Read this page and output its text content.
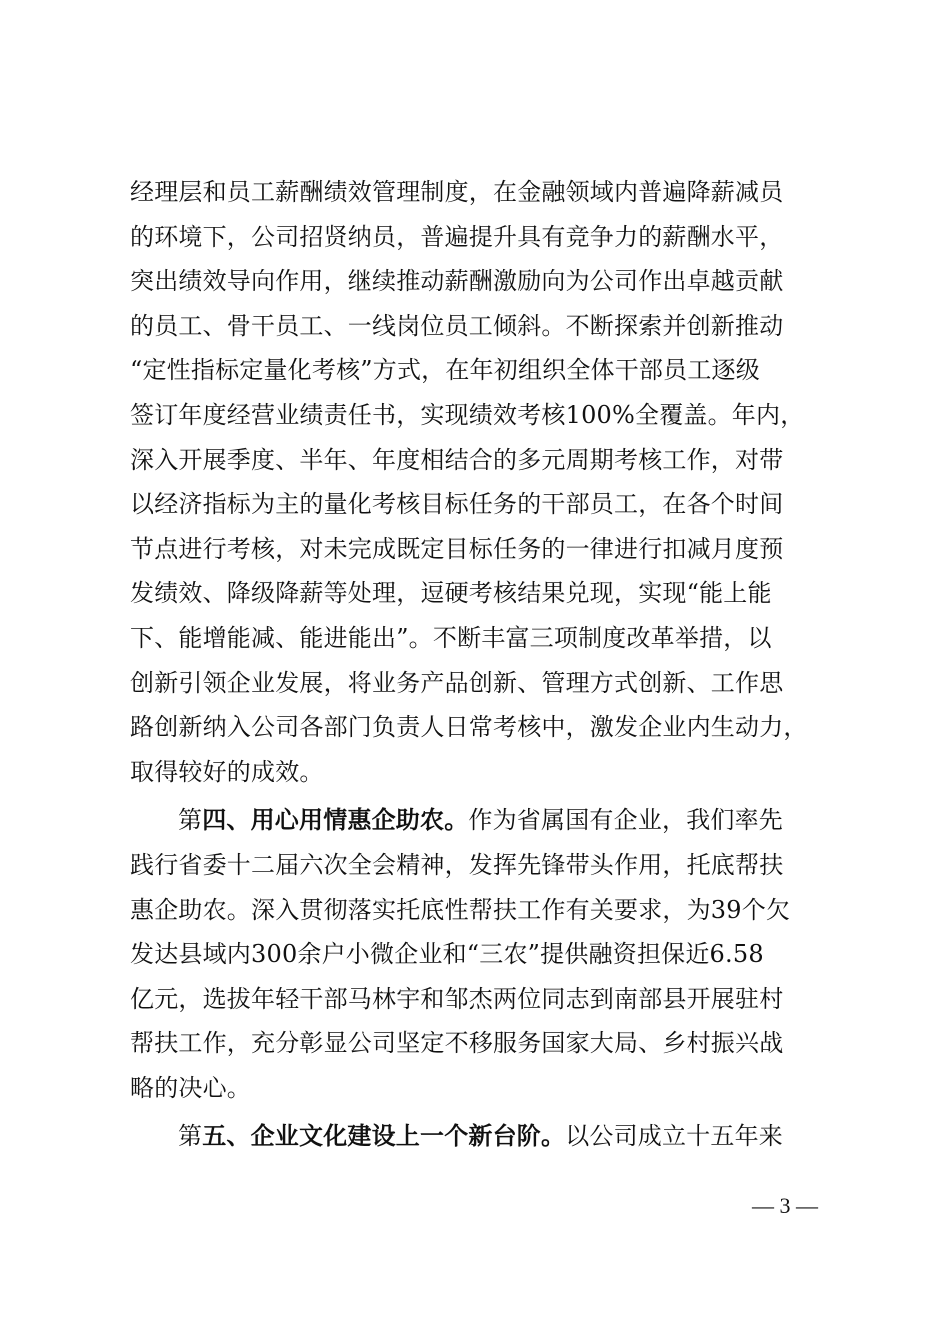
经理层和员工薪酬绩效管理制度，在金融领域内普遍降薪减员
的环境下，公司招贤纳员，普遍提升具有竞争力的薪酬水平，
突出绩效导向作用，继续推动薪酬激励向为公司作出卓越贡献
的员工、骨干员工、一线岗位员工倾斜。不断探索并创新推动
“定性指标定量化考核”方式，在年初组织全体干部员工逐级
签订年度经营业绩责任书，实现绩效考核100%全覆盖。年内，
深入开展季度、半年、年度相结合的多元周期考核工作，对带
以经济指标为主的量化考核目标任务的干部员工，在各个时间
节点进行考核，对未完成既定目标任务的一律进行扣减月度预
发绩效、降级降薪等处理，逗硬考核结果兑现，实现“能上能
下、能增能减、能进能出”。不断丰富三项制度改革举措，以
创新引领企业发展，将业务产品创新、管理方式创新、工作思
路创新纳入公司各部门负责人日常考核中，激发企业内生动力，
取得较好的成效。

第四、用心用情惠企助农。作为省属国有企业，我们率先
践行省委十二届六次全会精神，发挥先锋带头作用，托底帮扶
惠企助农。深入贯彻落实托底性帮扶工作有关要求，为39个欠
发达县域内300余户小微企业和“三农”提供融资担保近6.58
亿元，选拔年轻干部马林宇和邹杰两位同志到南部县开展驻村
帮扶工作，充分彰显公司坚定不移服务国家大局、乡村振兴战
略的决心。

第五、企业文化建设上一个新台阶。以公司成立十五年来

— 3 —
